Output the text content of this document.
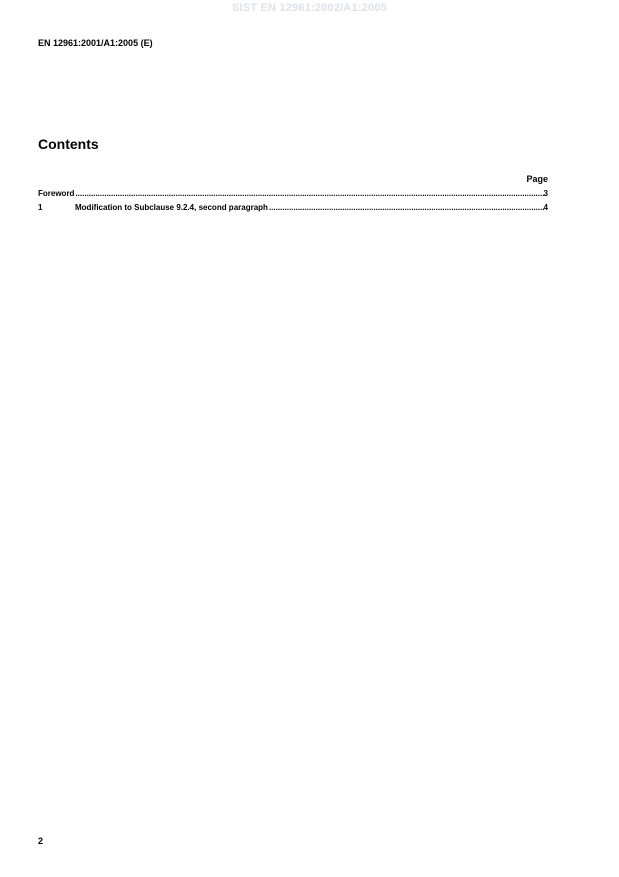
SIST EN 12961:2002/A1:2005
EN 12961:2001/A1:2005 (E)
Contents
Page
Foreword .....	3
1	Modification to Subclause 9.2.4, second paragraph .....	4
2
